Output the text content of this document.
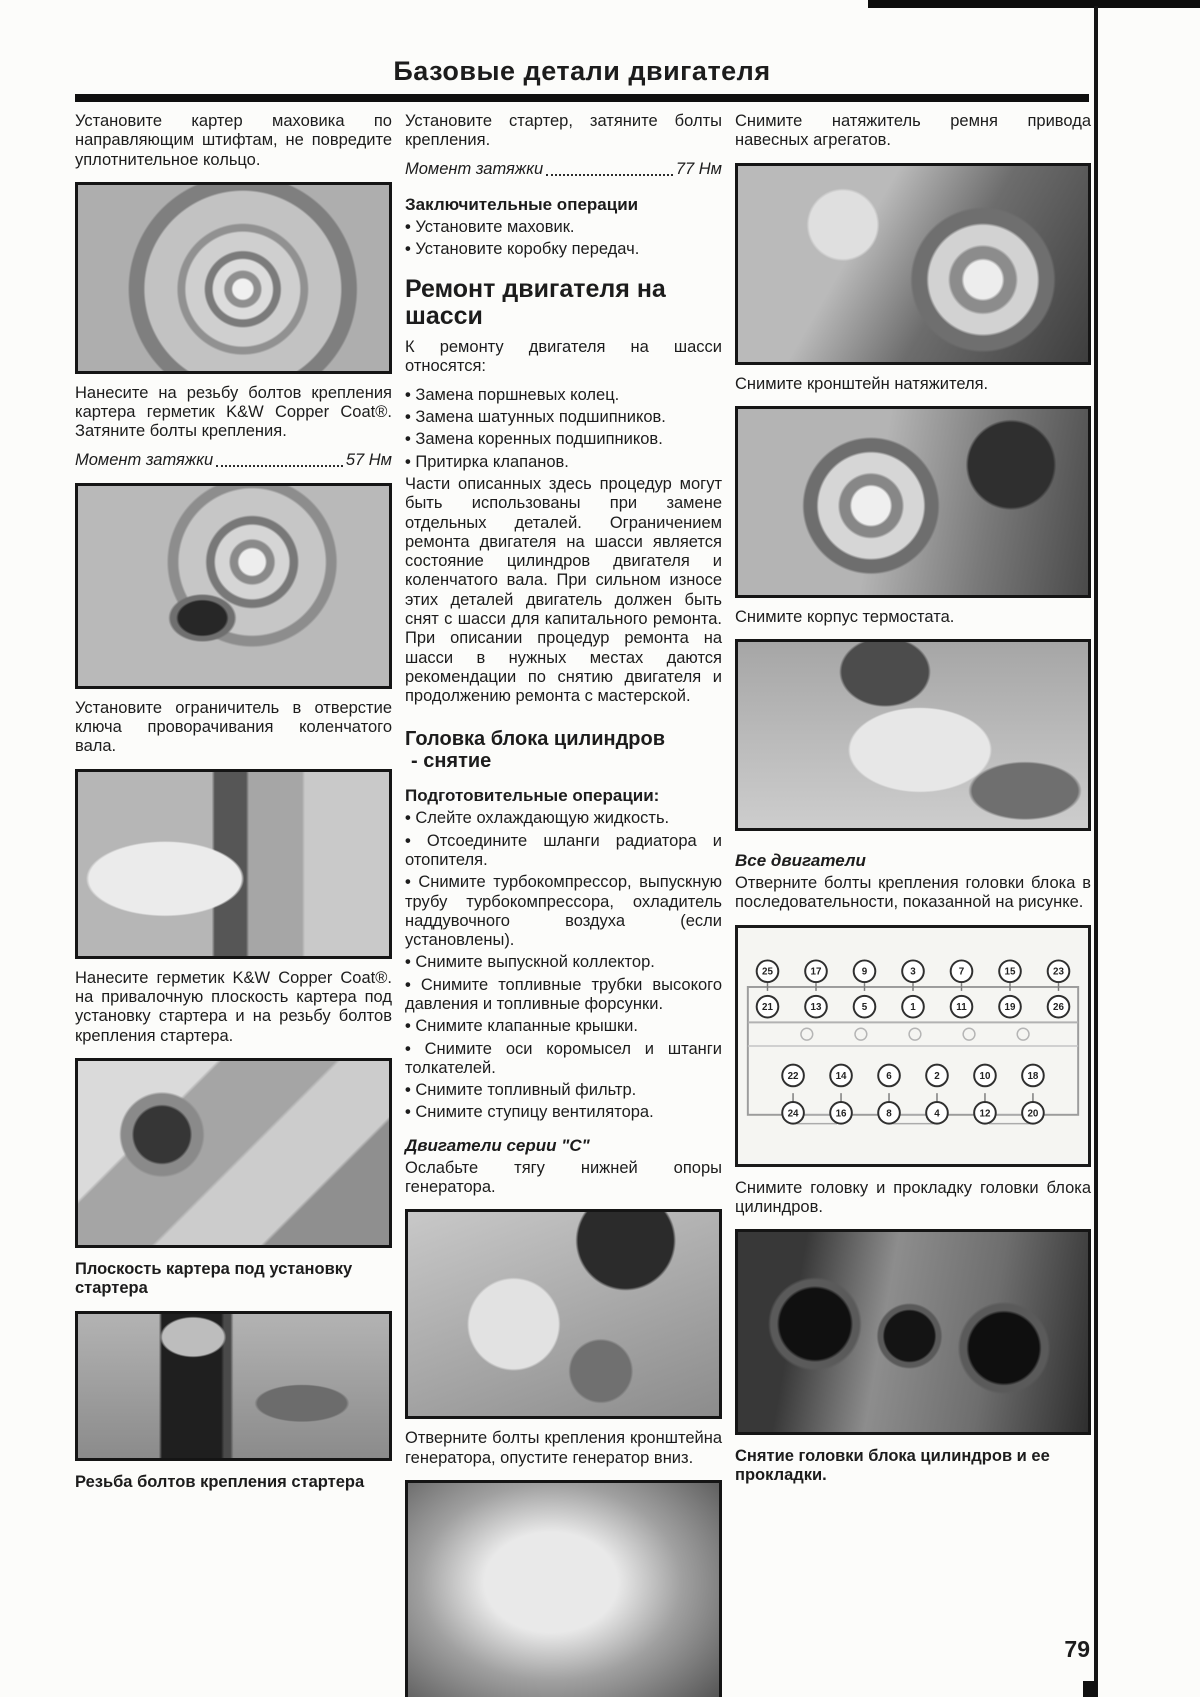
Базовые детали двигателя

Установите картер маховика по направляющим штифтам, не повредите уплотнительное кольцо.

Нанесите на резьбу болтов крепления картера герметик K&W Copper Coat®. Затяните болты крепления.

Момент затяжки	57 Нм

Установите ограничитель в отверстие ключа проворачивания коленчатого вала.

Нанесите герметик K&W Copper Coat®. на привалочную плоскость картера под установку стартера и на резьбу болтов крепления стартера.

Плоскость картера под установку стартера
Резьба болтов крепления стартера

Установите стартер, затяните болты крепления.

Момент затяжки	77 Нм
Заключительные операции

• Установите маховик.

• Установите коробку передач.

Ремонт двигателя на шасси

К ремонту двигателя на шасси относятся:

• Замена поршневых колец.

• Замена шатунных подшипников.

• Замена коренных подшипников.

• Притирка клапанов.

Части описанных здесь процедур могут быть использованы при замене отдельных деталей. Ограничением ремонта двигателя на шасси является состояние цилиндров двигателя и коленчатого вала. При сильном износе этих деталей двигатель должен быть снят с шасси для капитального ремонта. При описании процедур ремонта на шасси в нужных местах даются рекомендации по снятию двигателя и продолжению ремонта с мастерской.

Головка блока цилиндров
- снятие
Подготовительные операции:

• Слейте охлаждающую жидкость.

• Отсоедините шланги радиатора и отопителя.

• Снимите турбокомпрессор, выпускную трубу турбокомпрессора, охладитель наддувочного воздуха (если установлены).

• Снимите выпускной коллектор.

• Снимите топливные трубки высокого давления и топливные форсунки.

• Снимите клапанные крышки.

• Снимите оси коромысел и штанги толкателей.

• Снимите топливный фильтр.

• Снимите ступицу вентилятора.

Двигатели серии "С"

Ослабьте тягу нижней опоры генератора.

Отверните болты крепления кронштейна генератора, опустите генератор вниз.

Снимите натяжитель ремня привода навесных агрегатов.

Снимите кронштейн натяжителя.

Снимите корпус термостата.

Все двигатели

Отверните болты крепления головки блока в последовательности, показанной на рисунке.

25	17	9	3	7	15	23
21	13	5	1	11	19	26
22	14	6	2	10	18
24	16	8	4	12	20

Снимите головку и прокладку головки блока цилиндров.

Снятие головки блока цилиндров и ее прокладки.
79
